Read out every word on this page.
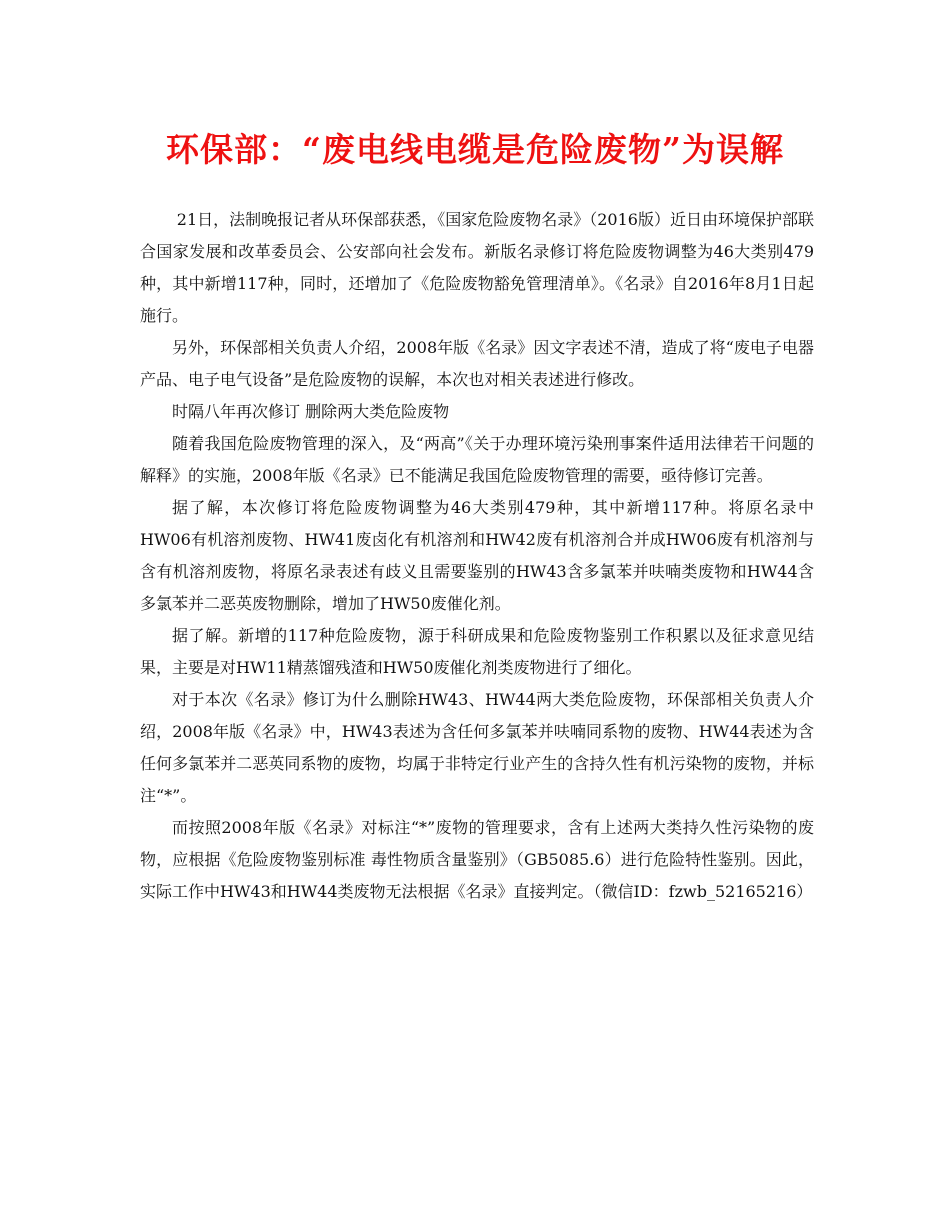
环保部：“废电线电缆是危险废物”为误解

21日，法制晚报记者从环保部获悉，《国家危险废物名录》（2016版）近日由环境保护部联合国家发展和改革委员会、公安部向社会发布。新版名录修订将危险废物调整为46大类别479种，其中新增117种，同时，还增加了《危险废物豁免管理清单》。《名录》自2016年8月1日起施行。

另外，环保部相关负责人介绍，2008年版《名录》因文字表述不清，造成了将“废电子电器产品、电子电气设备”是危险废物的误解，本次也对相关表述进行修改。

时隔八年再次修订 删除两大类危险废物

随着我国危险废物管理的深入，及“两高”《关于办理环境污染刑事案件适用法律若干问题的解释》的实施，2008年版《名录》已不能满足我国危险废物管理的需要，亟待修订完善。

据了解，本次修订将危险废物调整为46大类别479种，其中新增117种。将原名录中HW06有机溶剂废物、HW41废卤化有机溶剂和HW42废有机溶剂合并成HW06废有机溶剂与含有机溶剂废物，将原名录表述有歧义且需要鉴别的HW43含多氯苯并呋喃类废物和HW44含多氯苯并二恶英废物删除，增加了HW50废催化剂。

据了解。新增的117种危险废物，源于科研成果和危险废物鉴别工作积累以及征求意见结果，主要是对HW11精蒸馏残渣和HW50废催化剂类废物进行了细化。

对于本次《名录》修订为什么删除HW43、HW44两大类危险废物，环保部相关负责人介绍，2008年版《名录》中，HW43表述为含任何多氯苯并呋喃同系物的废物、HW44表述为含任何多氯苯并二恶英同系物的废物，均属于非特定行业产生的含持久性有机污染物的废物，并标注“*”。

而按照2008年版《名录》对标注“*”废物的管理要求，含有上述两大类持久性污染物的废物，应根据《危险废物鉴别标准 毒性物质含量鉴别》（GB5085.6）进行危险特性鉴别。因此，实际工作中HW43和HW44类废物无法根据《名录》直接判定。（微信ID：fzwb_52165216）
